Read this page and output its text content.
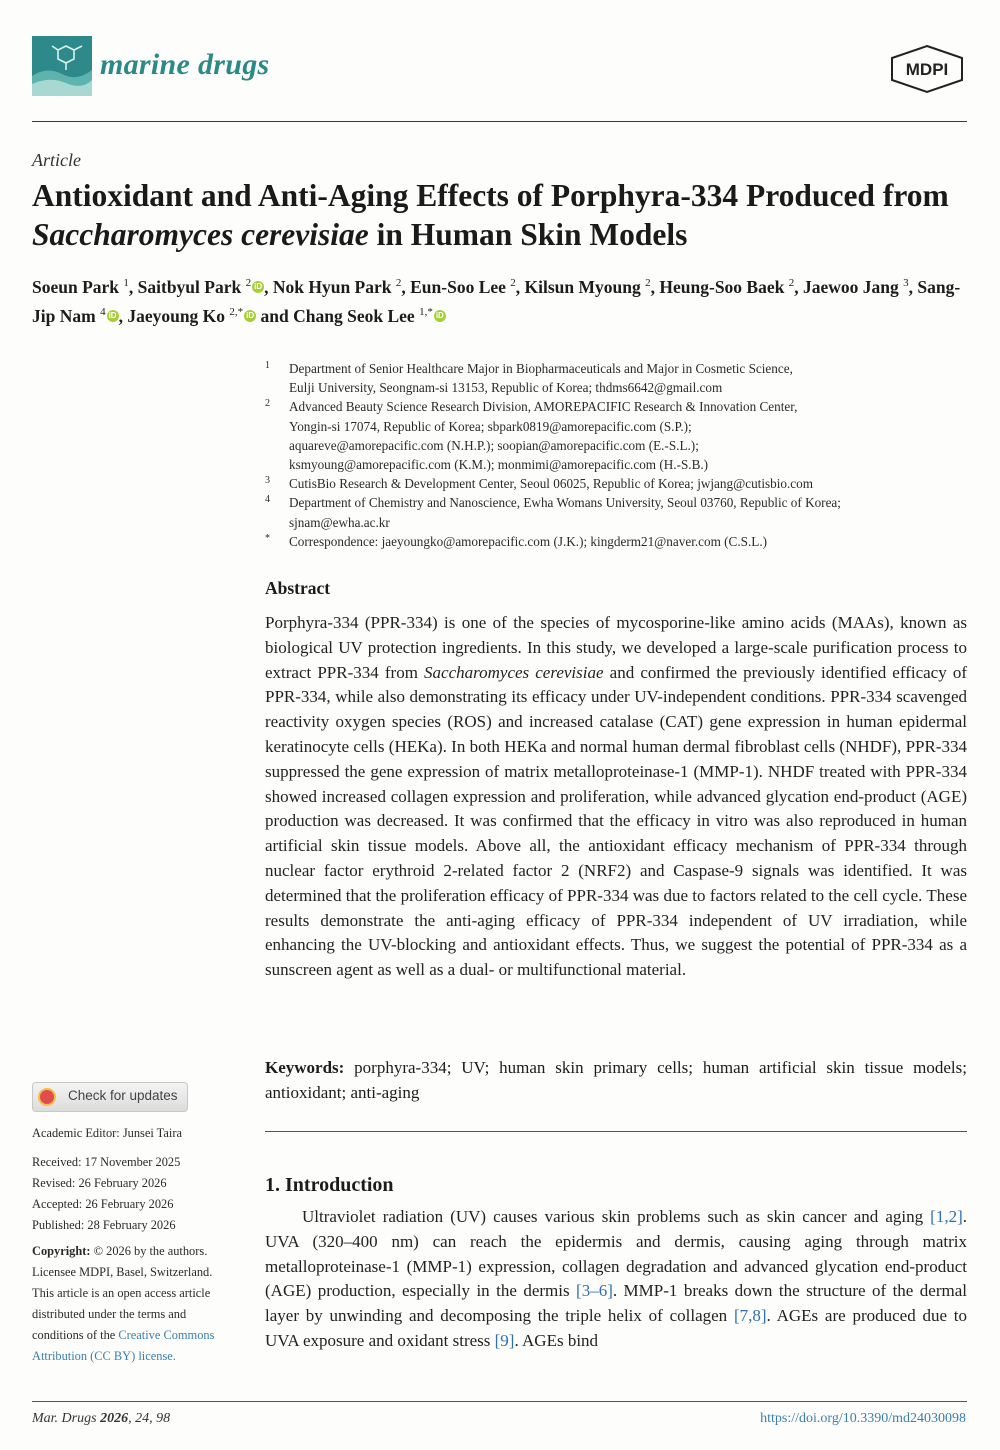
marine drugs	MDPI
Article
Antioxidant and Anti-Aging Effects of Porphyra-334 Produced from Saccharomyces cerevisiae in Human Skin Models
Soeun Park $^1$, Saitbyul Park $^2$ iD , Nok Hyun Park $^2$, Eun-Soo Lee $^2$, Kilsun Myoung $^2$, Heung-Soo Baek $^2$, Jaewoo Jang $^3$, Sang-Jip Nam $^4$ iD , Jaeyoung Ko $^{2,*}$ iD and Chang Seok Lee $^{1,*}$ iD
1 Department of Senior Healthcare Major in Biopharmaceuticals and Major in Cosmetic Science,
Eulji University, Seongnam-si 13153, Republic of Korea; thdms6642@gmail.com
2 Advanced Beauty Science Research Division, AMOREPACIFIC Research & Innovation Center,
Yongin-si 17074, Republic of Korea; sbpark0819@amorepacific.com (S.P.);
aquareve@amorepacific.com (N.H.P.); soopian@amorepacific.com (E.-S.L.);
ksmyoung@amorepacific.com (K.M.); monmimi@amorepacific.com (H.-S.B.)
3 CutisBio Research & Development Center, Seoul 06025, Republic of Korea; jwjang@cutisbio.com
4 Department of Chemistry and Nanoscience, Ewha Womans University, Seoul 03760, Republic of Korea;
sjnam@ewha.ac.kr
* Correspondence: jaeyoungko@amorepacific.com (J.K.); kingderm21@naver.com (C.S.L.)
Abstract
Porphyra-334 (PPR-334) is one of the species of mycosporine-like amino acids (MAAs), known as biological UV protection ingredients. In this study, we developed a large-scale purification process to extract PPR-334 from Saccharomyces cerevisiae and confirmed the previously identified efficacy of PPR-334, while also demonstrating its efficacy under UV-independent conditions. PPR-334 scavenged reactivity oxygen species (ROS) and increased catalase (CAT) gene expression in human epidermal keratinocyte cells (HEKa). In both HEKa and normal human dermal fibroblast cells (NHDF), PPR-334 suppressed the gene expression of matrix metalloproteinase-1 (MMP-1). NHDF treated with PPR-334 showed increased collagen expression and proliferation, while advanced glycation end-product (AGE) production was decreased. It was confirmed that the efficacy in vitro was also reproduced in human artificial skin tissue models. Above all, the antioxidant efficacy mechanism of PPR-334 through nuclear factor erythroid 2-related factor 2 (NRF2) and Caspase-9 signals was identified. It was determined that the proliferation efficacy of PPR-334 was due to factors related to the cell cycle. These results demonstrate the anti-aging efficacy of PPR-334 independent of UV irradiation, while enhancing the UV-blocking and antioxidant effects. Thus, we suggest the potential of PPR-334 as a sunscreen agent as well as a dual- or multifunctional material.
Keywords: porphyra-334; UV; human skin primary cells; human artificial skin tissue models; antioxidant; anti-aging
Check for updates
Academic Editor: Junsei Taira
Received: 17 November 2025
Revised: 26 February 2026
Accepted: 26 February 2026
Published: 28 February 2026
Copyright: © 2026 by the authors.
Licensee MDPI, Basel, Switzerland.
This article is an open access article
distributed under the terms and
conditions of the Creative Commons
Attribution (CC BY) license.
1. Introduction
Ultraviolet radiation (UV) causes various skin problems such as skin cancer and aging [1,2]. UVA (320–400 nm) can reach the epidermis and dermis, causing aging through matrix metalloproteinase-1 (MMP-1) expression, collagen degradation and advanced glycation end-product (AGE) production, especially in the dermis [3–6]. MMP-1 breaks down the structure of the dermal layer by unwinding and decomposing the triple helix of collagen [7,8]. AGEs are produced due to UVA exposure and oxidant stress [9]. AGEs bind
Mar. Drugs 2026, 24, 98	https://doi.org/10.3390/md24030098
